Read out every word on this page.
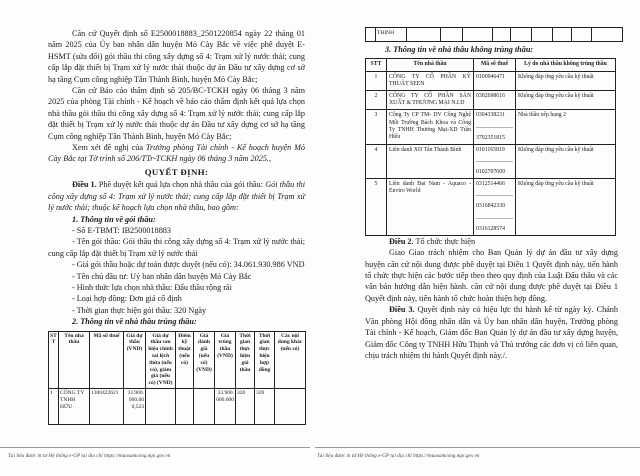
Căn cứ Quyết định số E2500018883_2501220854 ngày 22 tháng 01 năm 2025 của Ủy ban nhân dân huyện Mỏ Cày Bắc về việc phê duyệt E-HSMT (sửa đổi) gói thầu thi công xây dựng số 4: Trạm xử lý nước thải; cung cấp lắp đặt thiết bị Trạm xử lý nước thải thuộc dự án Đầu tư xây dựng cơ sở hạ tầng Cụm công nghiệp Tân Thành Bình, huyện Mỏ Cày Bắc;

Căn cứ Báo cáo thẩm định số 205/BC-TCKH ngày 06 tháng 3 năm 2025 của phòng Tài chính - Kế hoạch về báo cáo thẩm định kết quả lựa chọn nhà thầu gói thầu thi công xây dựng số 4: Trạm xử lý nước thải; cung cấp lắp đặt thiết bị Trạm xử lý nước thải thuộc dự án Đầu tư xây dựng cơ sở hạ tầng Cụm công nghiệp Tân Thành Bình, huyện Mỏ Cày Bắc;

Xem xét đề nghị của Trưởng phòng Tài chính - Kế hoạch huyện Mỏ Cày Bắc tại Tờ trình số 206/TTr-TCKH ngày 06 tháng 3 năm 2025.,

QUYẾT ĐỊNH:

Điều 1. Phê duyệt kết quả lựa chọn nhà thầu của gói thầu: Gói thầu thi công xây dựng số 4: Trạm xử lý nước thải; cung cấp lắp đặt thiết bị Trạm xử lý nước thải; thuộc kế hoạch lựa chọn nhà thầu, bao gồm:

1. Thông tin về gói thầu:

- Số E-TBMT: IB2500018883

- Tên gói thầu: Gói thầu thi công xây dựng số 4: Trạm xử lý nước thải; cung cấp lắp đặt thiết bị Trạm xử lý nước thải

- Giá gói thầu hoặc dự toán được duyệt (nếu có): 34.061.930.986 VND

- Tên chủ đầu tư: Uỷ ban nhân dân huyện Mỏ Cày Bắc

- Hình thức lựa chọn nhà thầu: Đấu thầu rộng rãi

- Loại hợp đồng: Đơn giá cố định

- Thời gian thực hiện gói thầu: 320 Ngày

2. Thông tin về nhà thầu trúng thầu:

STT	Tên nhà thầu	Mã số thuế	Giá dự thầu (VND)	Giá dự thầu sau hiệu chỉnh sai lệch thừa (nếu có), giảm giá (nếu có) (VND)	Điểm kỹ thuật (nếu có)	Giá đánh giá (nếu có) (VND)	Giá trúng thầu (VND)	Thời gian thực hiện gói thầu	Thời gian thực hiện hợp đồng	Các nội dung khác (nếu có)
1	CÔNG TY TNHH HỮU	1300422621	33.900.000.000,523				33.900.000.000	320	320	
Tài liệu được in từ Hệ thống e-GP tại địa chỉ https://muasamcong.mpi.gov.vn
	THỊNH									

3. Thông tin về nhà thầu không trúng thầu:

STT	Tên nhà thầu	Mã số thuế	Lý do nhà thầu không trúng thầu
1	CÔNG TY CỔ PHẦN KỸ THUẬT SEEN	0100946471	Không đáp ứng yêu cầu kỹ thuật
2	CÔNG TY CỔ PHẦN SẢN XUẤT & THƯƠNG MẠI N.I.D	0302698616	Không đáp ứng yêu cầu kỹ thuật
3	Công Ty CP TM- DV Công Nghệ Môi Trường Bách Khoa và Công Ty TNHH Thương Mại-XD Trần Hiếu	0304338231
3702351815	Nhà thầu xếp hạng 2
4	Liên danh XD Tân Thành Bình	0101165819
0102707609	Không đáp ứng yêu cầu kỹ thuật
5	Liên danh Đại Nam - Aquaco - Enviro World	0312514466
0316842330
0316128574	Không đáp ứng yêu cầu kỹ thuật

Điều 2. Tổ chức thực hiện

Giao Giao trách nhiệm cho Ban Quản lý dự án đầu tư xây dựng huyện căn cứ nội dung được phê duyệt tại Điều 1 Quyết định này, tiến hành tổ chức thực hiện các bước tiếp theo theo quy định của Luật Đấu thầu và các văn bản hướng dẫn hiện hành. căn cứ nội dung được phê duyệt tại Điều 1 Quyết định này, tiến hành tổ chức hoàn thiện hợp đồng.

Điều 3. Quyết định này có hiệu lực thi hành kể từ ngày ký. Chánh Văn phòng Hội đồng nhân dân và Ủy ban nhân dân huyện, Trưởng phòng Tài chính - Kế hoạch, Giám đốc Ban Quản lý dự án đầu tư xây dựng huyện, Giám đốc Công ty TNHH Hữu Thịnh và Thủ trưởng các đơn vị có liên quan, chịu trách nhiệm thi hành Quyết định này./.

Tài liệu được in từ Hệ thống e-GP tại địa chỉ https://muasamcong.mpi.gov.vn
